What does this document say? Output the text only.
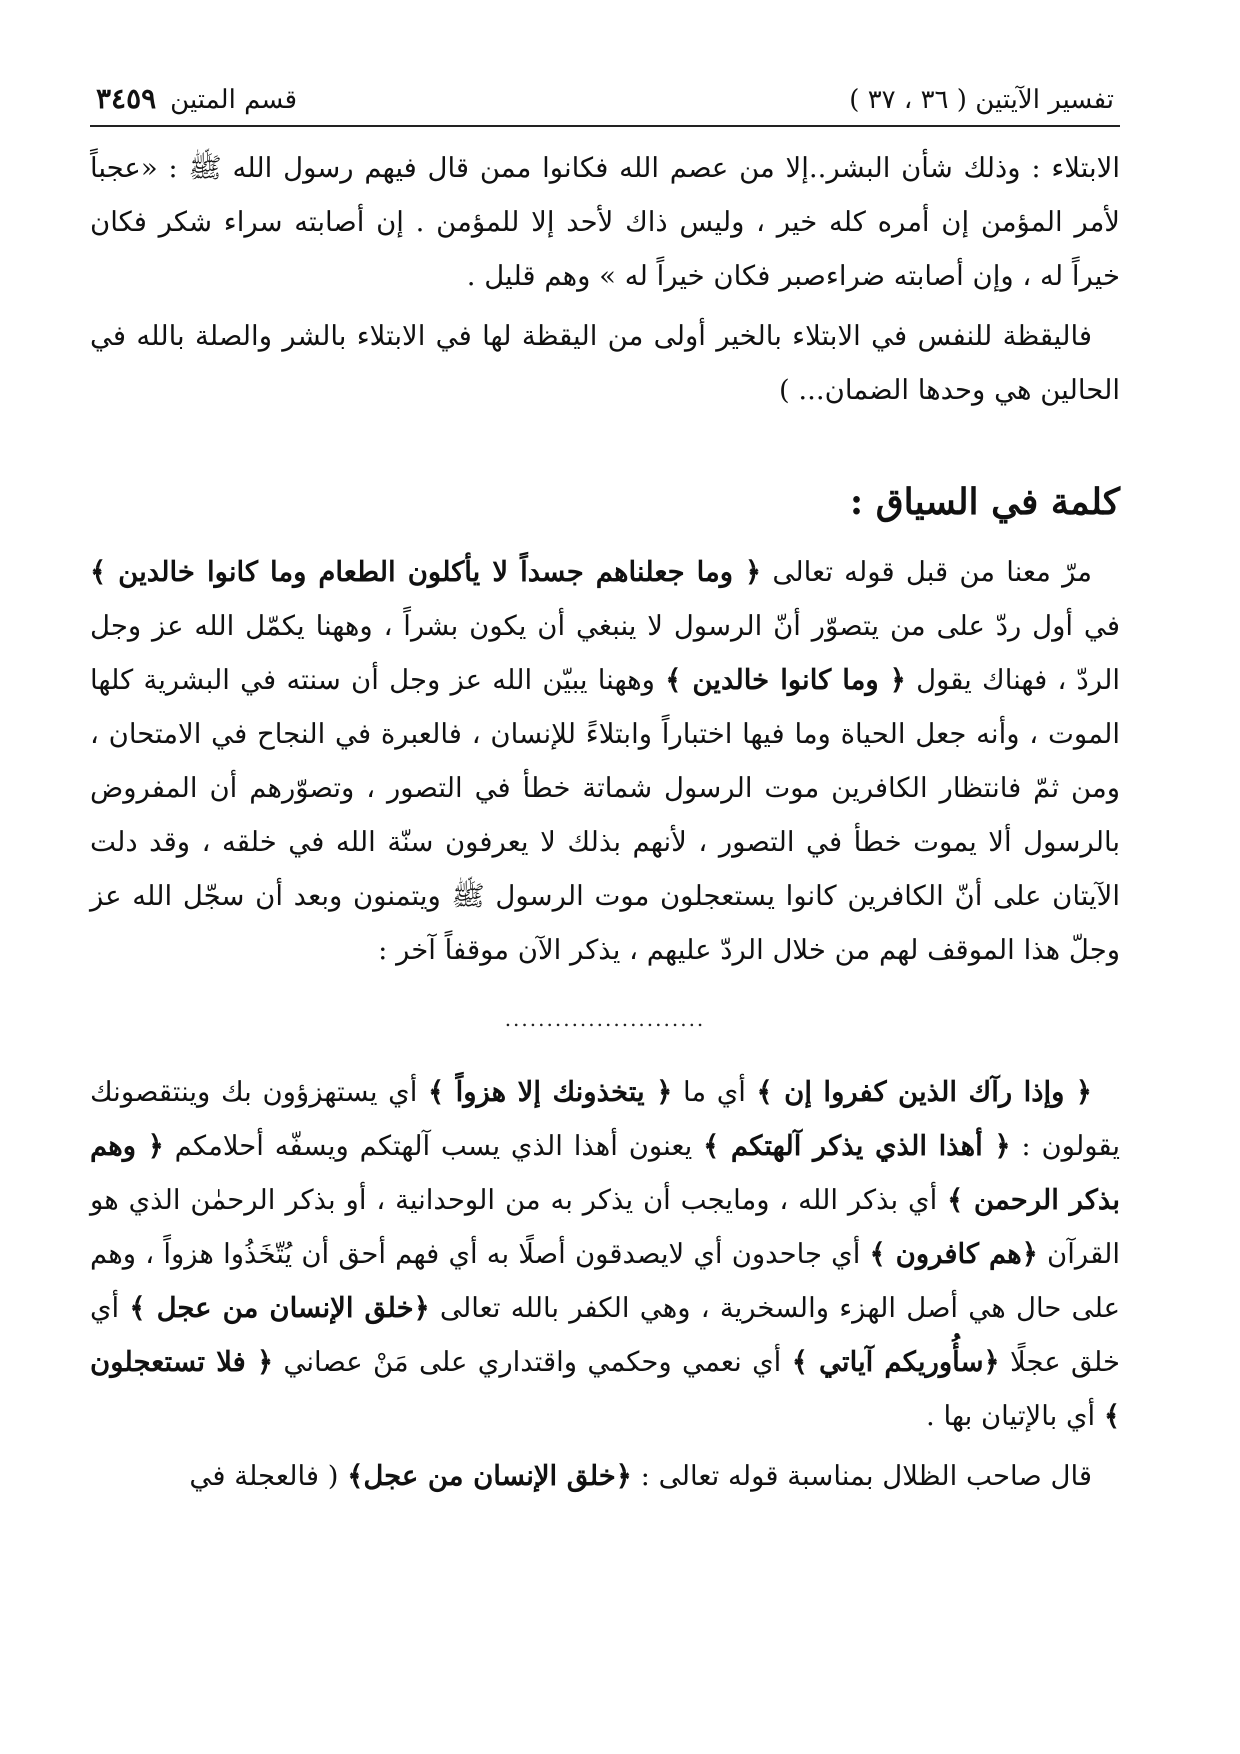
تفسير الآيتين ( ٣٦ ، ٣٧ )
قسم المتين
٣٤٥٩

الابتلاء : وذلك شأن البشر..إلا من عصم الله فكانوا ممن قال فيهم رسول الله ﷺ : «عجباً لأمر المؤمن إن أمره كله خير ، وليس ذاك لأحد إلا للمؤمن . إن أصابته سراء شكر فكان خيراً له ، وإن أصابته ضراءصبر فكان خيراً له » وهم قليل .

فاليقظة للنفس في الابتلاء بالخير أولى من اليقظة لها في الابتلاء بالشر والصلة بالله في الحالين هي وحدها الضمان... )

كلمة في السياق :

مرّ معنا من قبل قوله تعالى ﴿ وما جعلناهم جسداً لا يأكلون الطعام وما كانوا خالدين ﴾ في أول ردّ على من يتصوّر أنّ الرسول لا ينبغي أن يكون بشراً ، وههنا يكمّل الله عز وجل الردّ ، فهناك يقول ﴿ وما كانوا خالدين ﴾ وههنا يبيّن الله عز وجل أن سنته في البشرية كلها الموت ، وأنه جعل الحياة وما فيها اختباراً وابتلاءً للإنسان ، فالعبرة في النجاح في الامتحان ، ومن ثمّ فانتظار الكافرين موت الرسول شماتة خطأ في التصور ، وتصوّرهم أن المفروض بالرسول ألا يموت خطأ في التصور ، لأنهم بذلك لا يعرفون سنّة الله في خلقه ، وقد دلت الآيتان على أنّ الكافرين كانوا يستعجلون موت الرسول ﷺ ويتمنون وبعد أن سجّل الله عز وجلّ هذا الموقف لهم من خلال الردّ عليهم ، يذكر الآن موقفاً آخر :

........................

﴿ وإذا رآك الذين كفروا إن ﴾ أي ما ﴿ يتخذونك إلا هزواً ﴾ أي يستهزؤون بك وينتقصونك يقولون : ﴿ أهذا الذي يذكر آلهتكم ﴾ يعنون أهذا الذي يسب آلهتكم ويسفّه أحلامكم ﴿ وهم بذكر الرحمن ﴾ أي بذكر الله ، ومايجب أن يذكر به من الوحدانية ، أو بذكر الرحمٰن الذي هو القرآن ﴿هم كافرون ﴾ أي جاحدون أي لايصدقون أصلًا به أي فهم أحق أن يُتّخَذُوا هزواً ، وهم على حال هي أصل الهزء والسخرية ، وهي الكفر بالله تعالى ﴿خلق الإنسان من عجل ﴾ أي خلق عجلًا ﴿سأُوريكم آياتي ﴾ أي نعمي وحكمي واقتداري على مَنْ عصاني ﴿ فلا تستعجلون ﴾ أي بالإتيان بها .

قال صاحب الظلال بمناسبة قوله تعالى : ﴿خلق الإنسان من عجل﴾ ( فالعجلة في
